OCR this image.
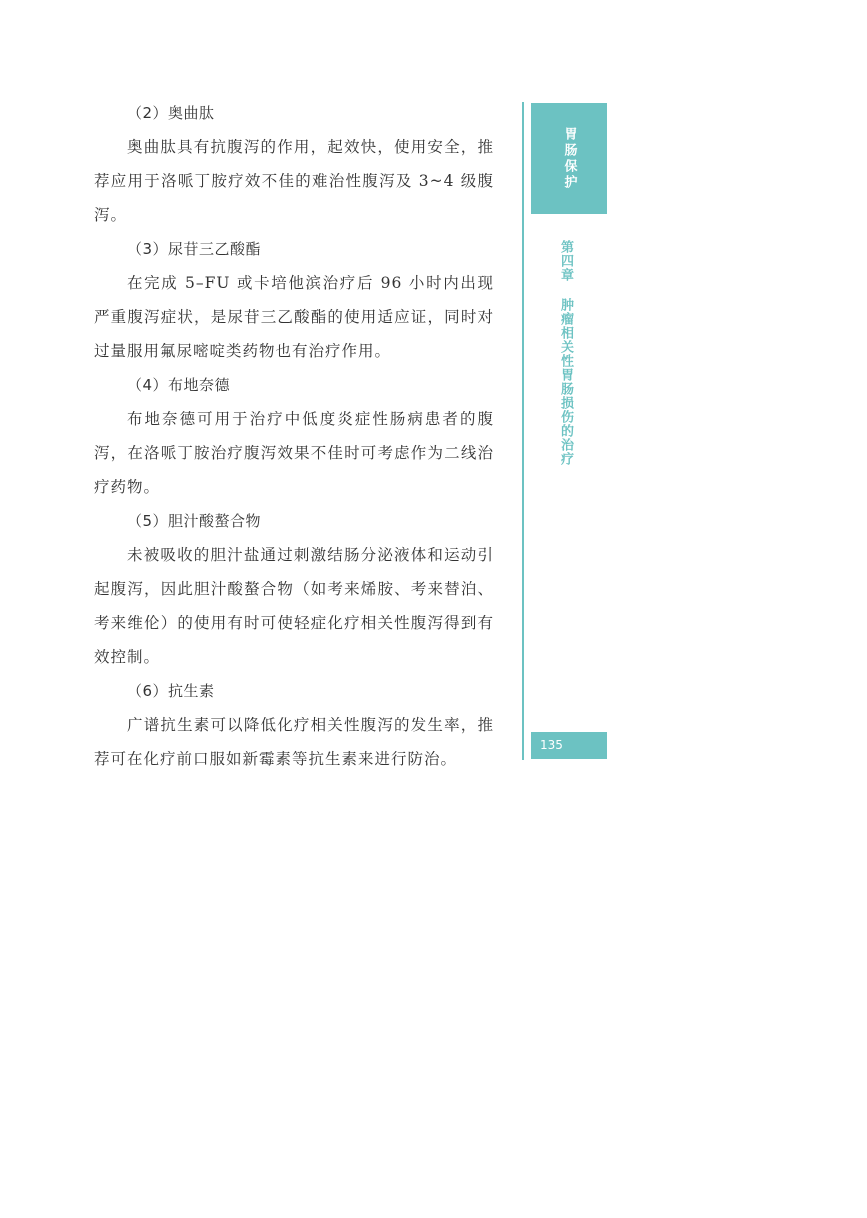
（2）奥曲肽

奥曲肽具有抗腹泻的作用，起效快，使用安全，推荐应用于洛哌丁胺疗效不佳的难治性腹泻及 3~4 级腹泻。

（3）尿苷三乙酸酯

在完成 5–FU 或卡培他滨治疗后 96 小时内出现严重腹泻症状，是尿苷三乙酸酯的使用适应证，同时对过量服用氟尿嘧啶类药物也有治疗作用。

（4）布地奈德

布地奈德可用于治疗中低度炎症性肠病患者的腹泻，在洛哌丁胺治疗腹泻效果不佳时可考虑作为二线治疗药物。

（5）胆汁酸螯合物

未被吸收的胆汁盐通过刺激结肠分泌液体和运动引起腹泻，因此胆汁酸螯合物（如考来烯胺、考来替泊、考来维伦）的使用有时可使轻症化疗相关性腹泻得到有效控制。

（6）抗生素

广谱抗生素可以降低化疗相关性腹泻的发生率，推荐可在化疗前口服如新霉素等抗生素来进行防治。

胃肠保护
第四章肿瘤相关性胃肠损伤的治疗
135
